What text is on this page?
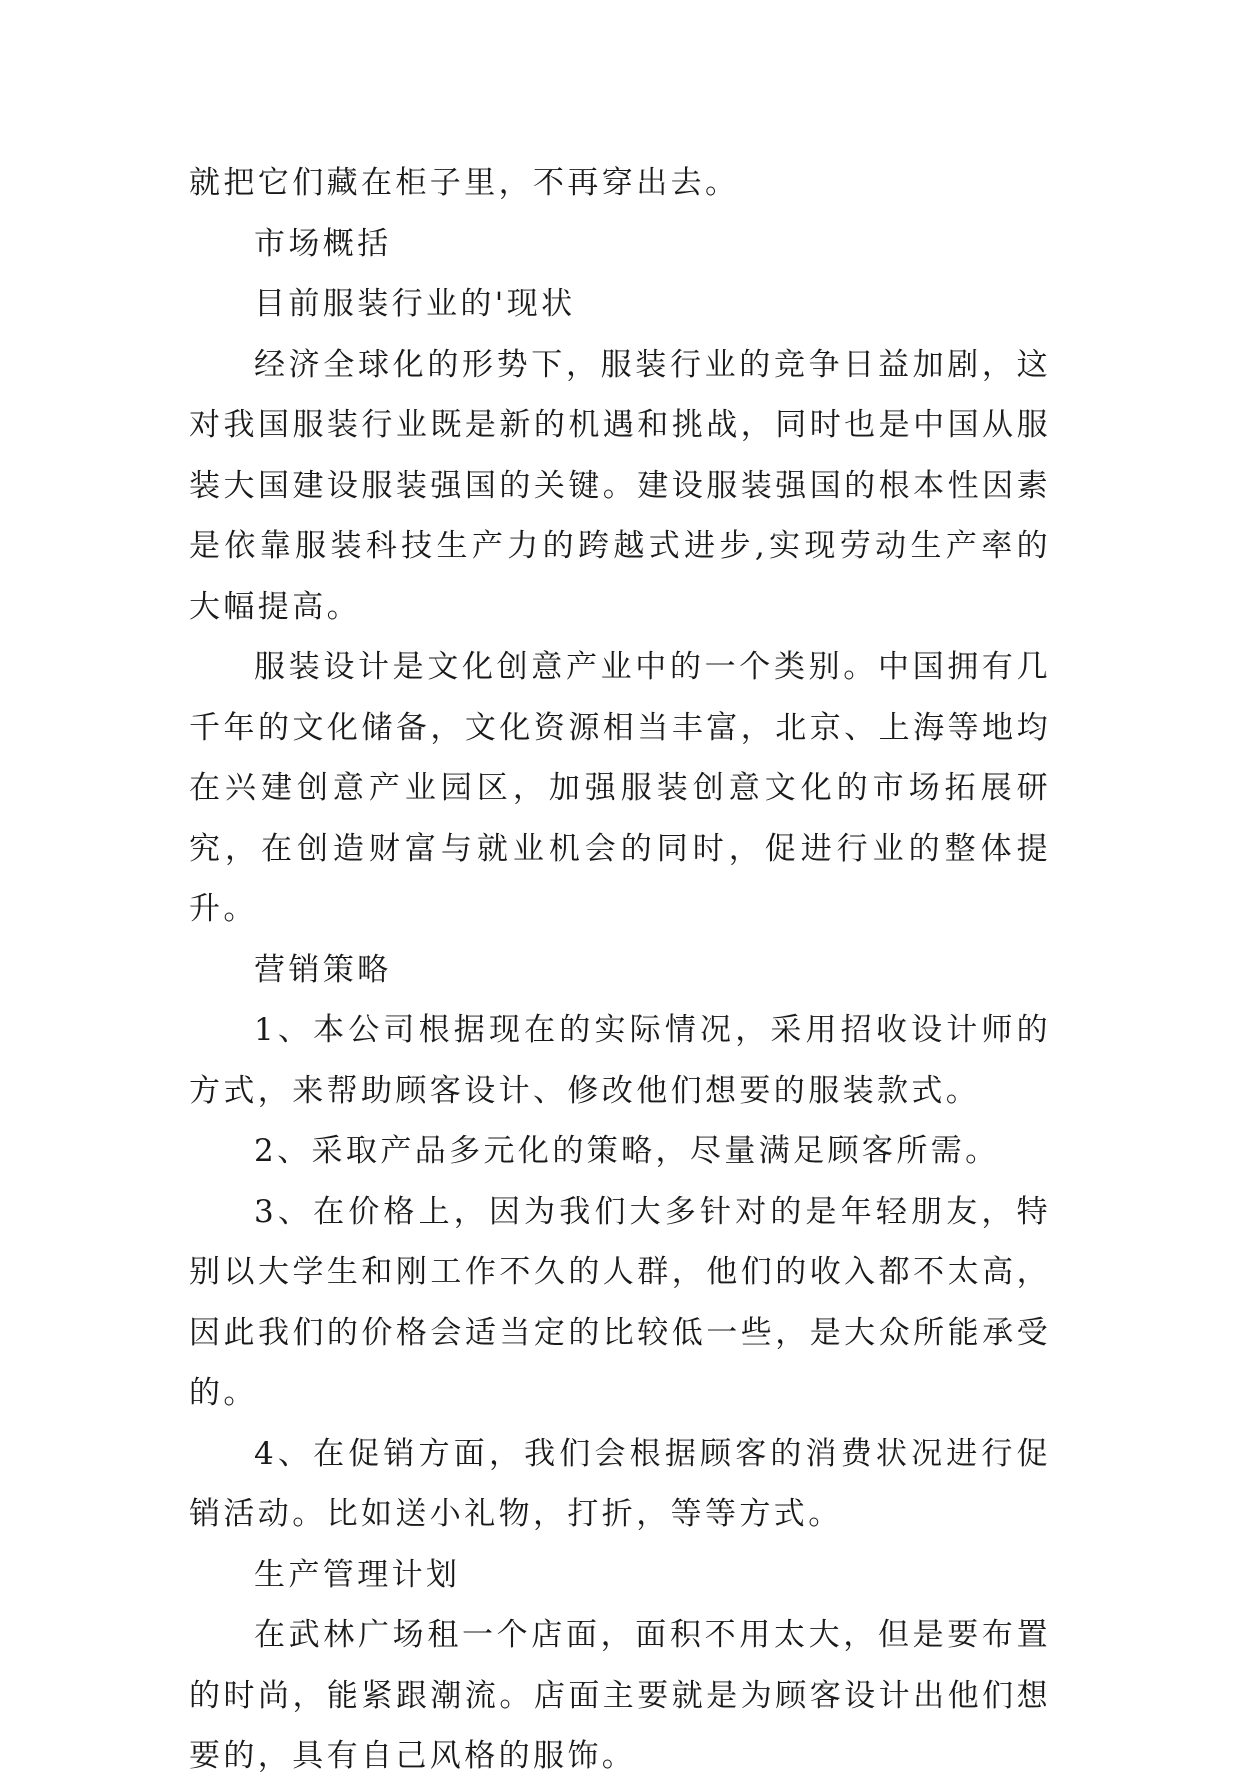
就把它们藏在柜子里，不再穿出去。

市场概括

目前服装行业的'现状

经济全球化的形势下，服装行业的竞争日益加剧，这对我国服装行业既是新的机遇和挑战，同时也是中国从服装大国建设服装强国的关键。建设服装强国的根本性因素是依靠服装科技生产力的跨越式进步,实现劳动生产率的大幅提高。

服装设计是文化创意产业中的一个类别。中国拥有几千年的文化储备，文化资源相当丰富，北京、上海等地均在兴建创意产业园区，加强服装创意文化的市场拓展研究，在创造财富与就业机会的同时，促进行业的整体提升。

营销策略

1、本公司根据现在的实际情况，采用招收设计师的方式，来帮助顾客设计、修改他们想要的服装款式。

2、采取产品多元化的策略，尽量满足顾客所需。

3、在价格上，因为我们大多针对的是年轻朋友，特别以大学生和刚工作不久的人群，他们的收入都不太高，因此我们的价格会适当定的比较低一些，是大众所能承受的。

4、在促销方面，我们会根据顾客的消费状况进行促销活动。比如送小礼物，打折，等等方式。

生产管理计划

在武林广场租一个店面，面积不用太大，但是要布置的时尚，能紧跟潮流。店面主要就是为顾客设计出他们想要的，具有自己风格的服饰。
